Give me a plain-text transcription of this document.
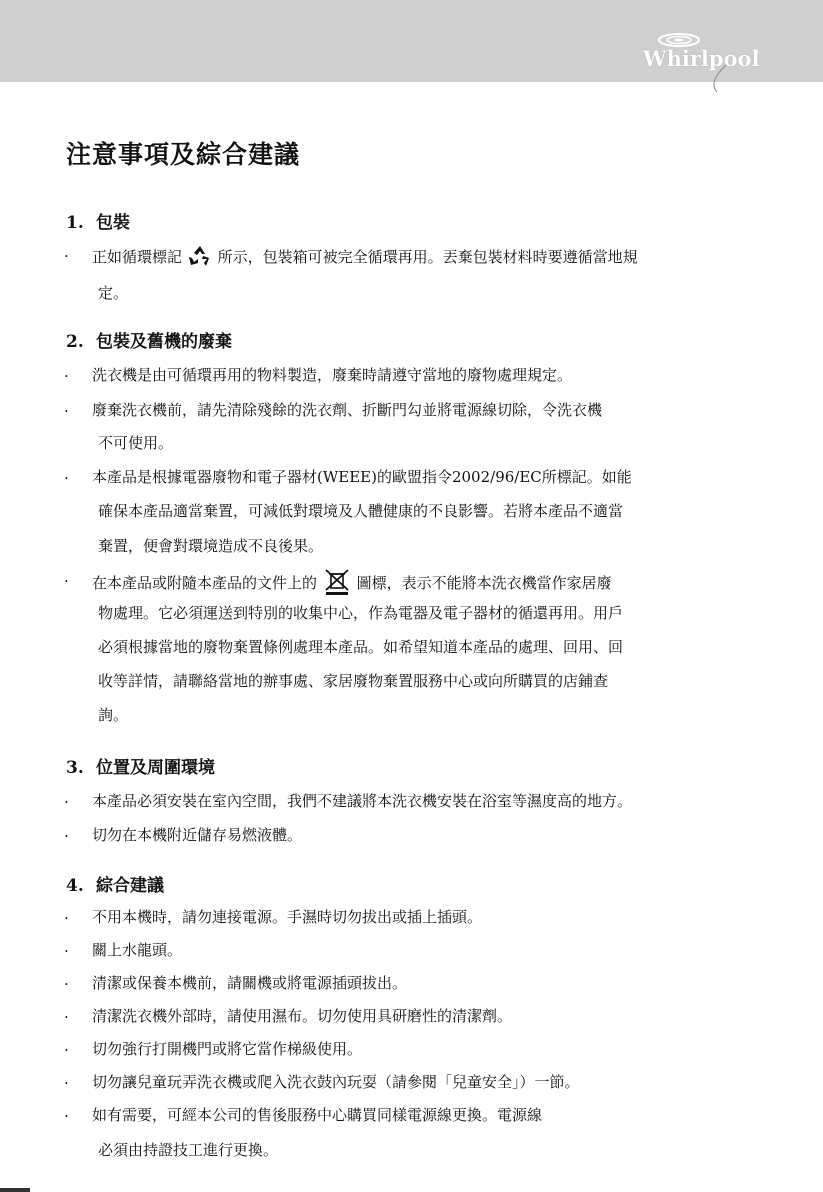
Whirlpool
注意事項及綜合建議
1. 包裝
· 正如循環標記 所示，包裝箱可被完全循環再用。丟棄包裝材料時要遵循當地規
定。
2. 包裝及舊機的廢棄
· 洗衣機是由可循環再用的物料製造，廢棄時請遵守當地的廢物處理規定。
· 廢棄洗衣機前，請先清除殘餘的洗衣劑、折斷門勾並將電源線切除，令洗衣機
不可使用。
· 本產品是根據電器廢物和電子器材(WEEE)的歐盟指令2002/96/EC所標記。如能
確保本產品適當棄置，可減低對環境及人體健康的不良影響。若將本產品不適當
棄置，便會對環境造成不良後果。
· 在本產品或附隨本產品的文件上的	圖標，表示不能將本洗衣機當作家居廢
物處理。它必須運送到特別的收集中心，作為電器及電子器材的循還再用。用戶
必須根據當地的廢物棄置條例處理本產品。如希望知道本產品的處理、回用、回
收等詳情，請聯絡當地的辦事處、家居廢物棄置服務中心或向所購買的店鋪查
詢。
3. 位置及周圍環境
· 本產品必須安裝在室內空間，我們不建議將本洗衣機安裝在浴室等濕度高的地方。
· 切勿在本機附近儲存易燃液體。
4. 綜合建議
· 不用本機時，請勿連接電源。手濕時切勿拔出或插上插頭。
· 關上水龍頭。
· 清潔或保養本機前，請關機或將電源插頭拔出。
· 清潔洗衣機外部時，請使用濕布。切勿使用具研磨性的清潔劑。
· 切勿強行打開機門或將它當作梯級使用。
· 切勿讓兒童玩弄洗衣機或爬入洗衣鼓內玩耍（請參閱「兒童安全」）一節。
· 如有需要，可經本公司的售後服務中心購買同樣電源線更換。電源線
必須由持證技工進行更換。
